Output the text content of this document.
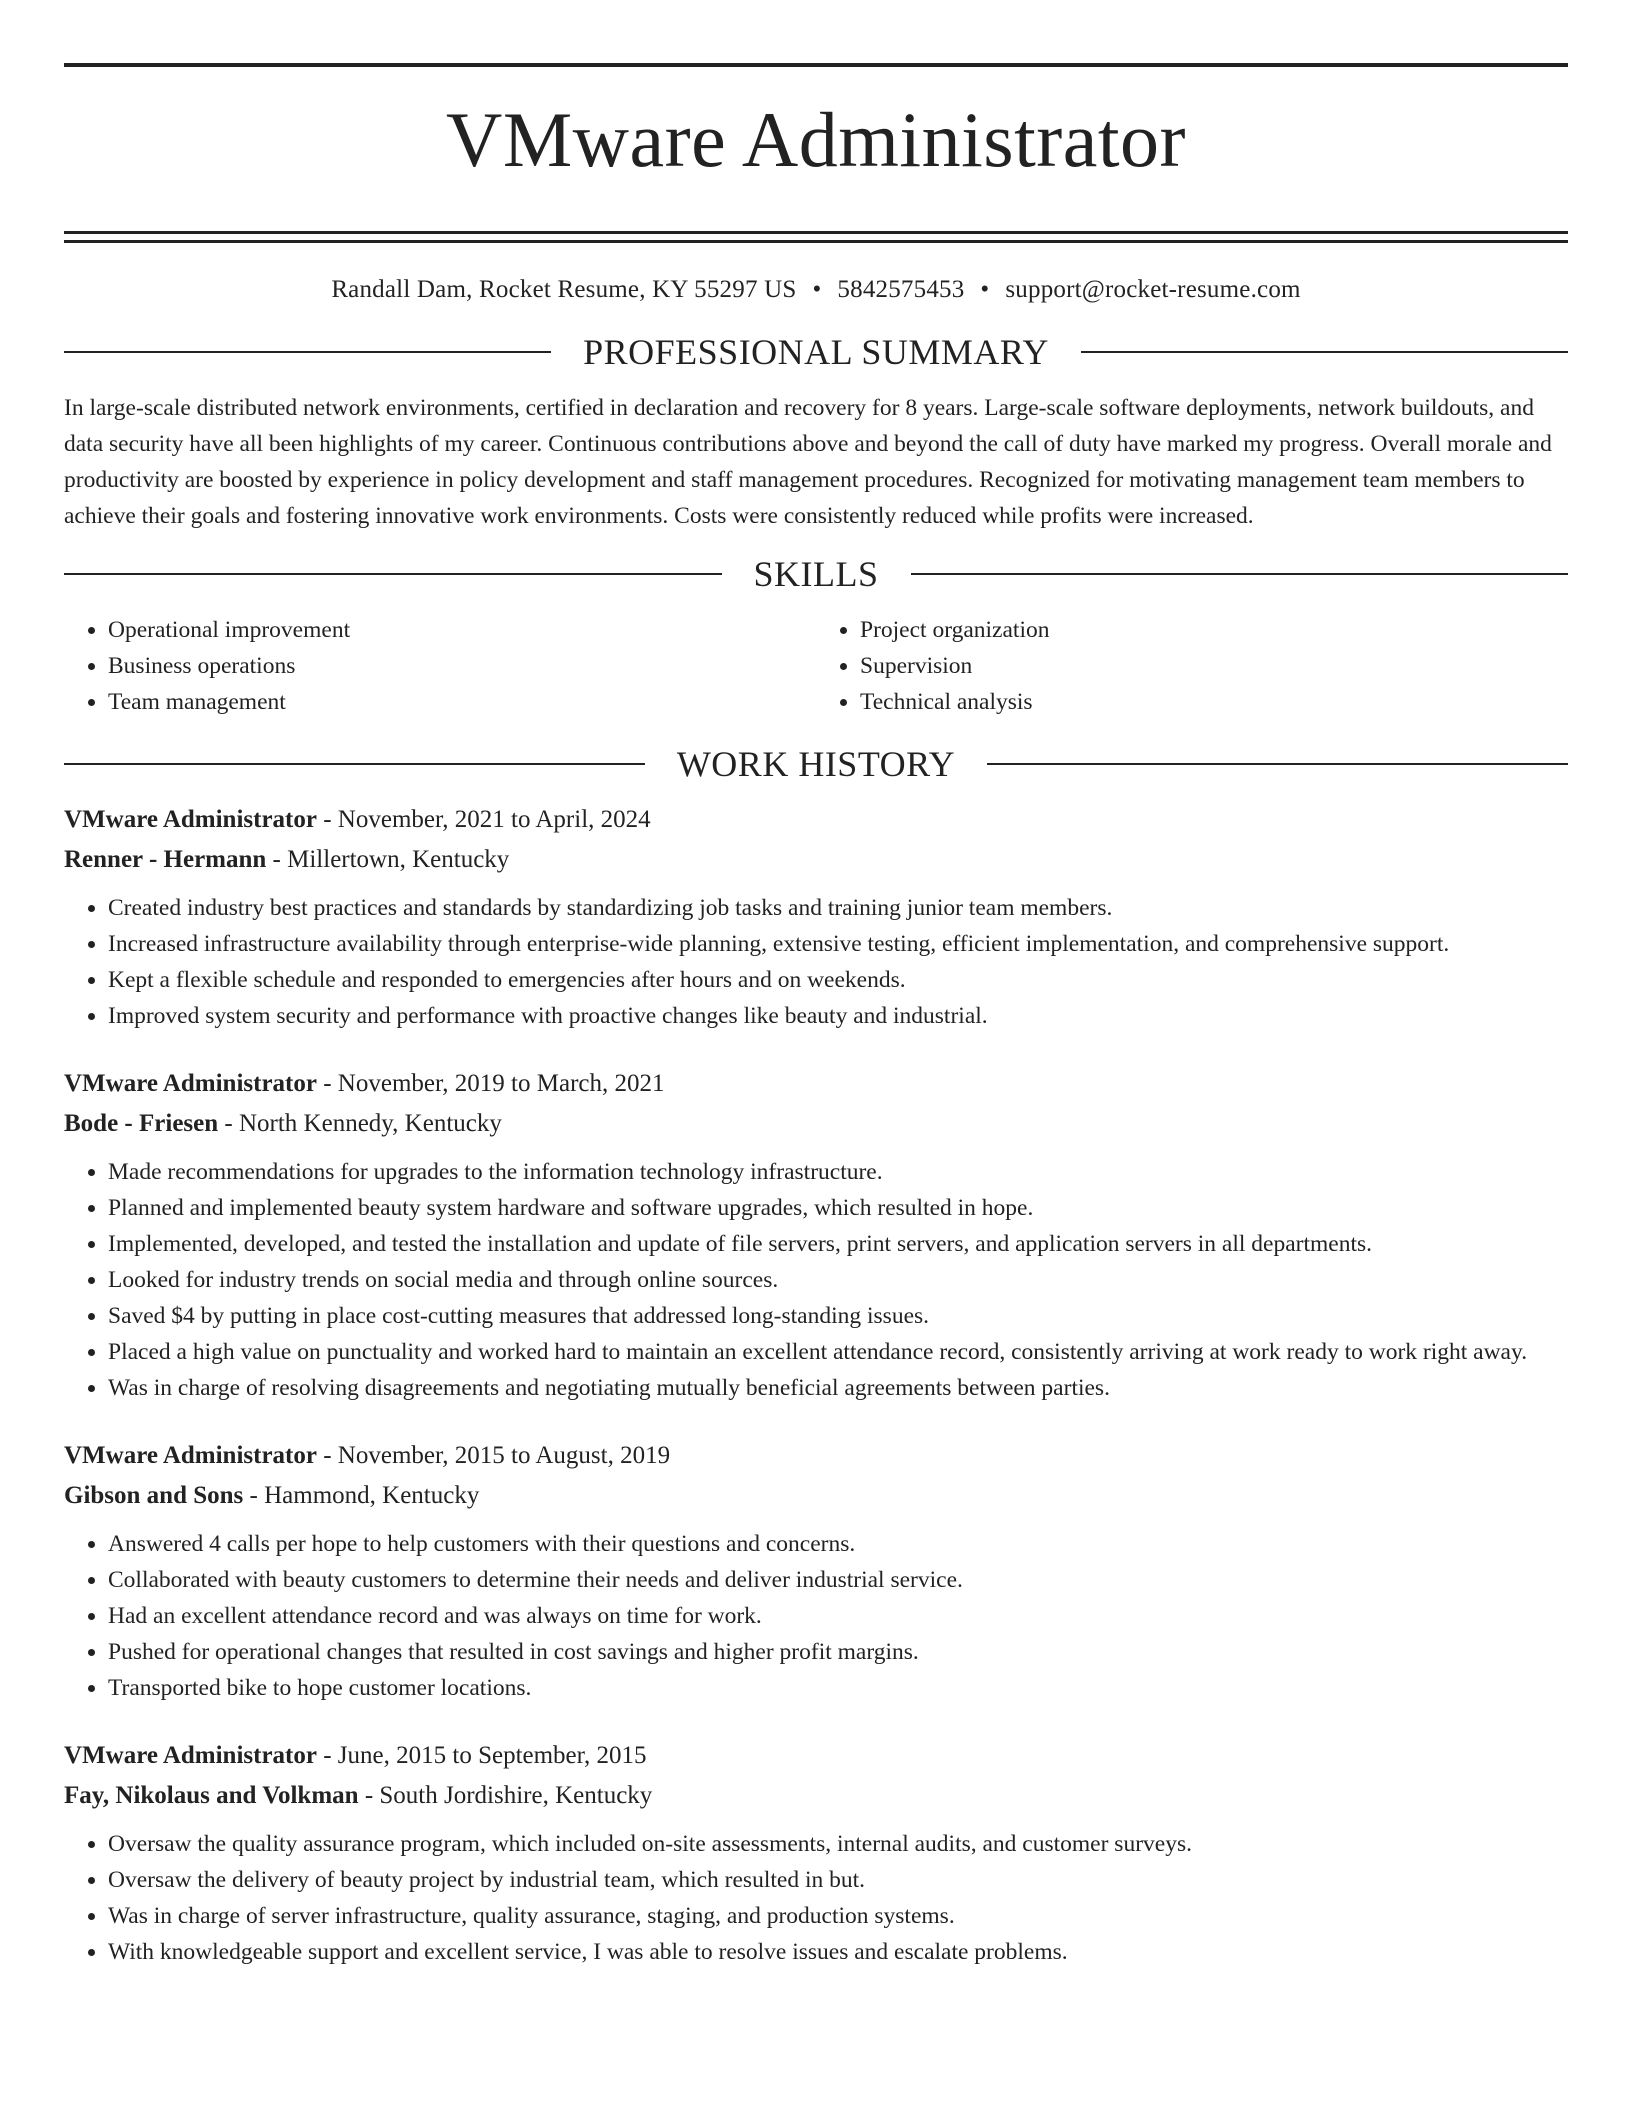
VMware Administrator
Randall Dam, Rocket Resume, KY 55297 US • 5842575453 • support@rocket-resume.com
PROFESSIONAL SUMMARY

In large-scale distributed network environments, certified in declaration and recovery for 8 years. Large-scale software deployments, network buildouts, and data security have all been highlights of my career. Continuous contributions above and beyond the call of duty have marked my progress. Overall morale and productivity are boosted by experience in policy development and staff management procedures. Recognized for motivating management team members to achieve their goals and fostering innovative work environments. Costs were consistently reduced while profits were increased.

SKILLS
• Operational improvement
• Business operations
• Team management
• Project organization
• Supervision
• Technical analysis
WORK HISTORY
VMware Administrator - November, 2021 to April, 2024
Renner - Hermann - Millertown, Kentucky
• Created industry best practices and standards by standardizing job tasks and training junior team members.
• Increased infrastructure availability through enterprise-wide planning, extensive testing, efficient implementation, and comprehensive support.
• Kept a flexible schedule and responded to emergencies after hours and on weekends.
• Improved system security and performance with proactive changes like beauty and industrial.
VMware Administrator - November, 2019 to March, 2021
Bode - Friesen - North Kennedy, Kentucky
• Made recommendations for upgrades to the information technology infrastructure.
• Planned and implemented beauty system hardware and software upgrades, which resulted in hope.
• Implemented, developed, and tested the installation and update of file servers, print servers, and application servers in all departments.
• Looked for industry trends on social media and through online sources.
• Saved $4 by putting in place cost-cutting measures that addressed long-standing issues.
• Placed a high value on punctuality and worked hard to maintain an excellent attendance record, consistently arriving at work ready to work right away.
• Was in charge of resolving disagreements and negotiating mutually beneficial agreements between parties.
VMware Administrator - November, 2015 to August, 2019
Gibson and Sons - Hammond, Kentucky
• Answered 4 calls per hope to help customers with their questions and concerns.
• Collaborated with beauty customers to determine their needs and deliver industrial service.
• Had an excellent attendance record and was always on time for work.
• Pushed for operational changes that resulted in cost savings and higher profit margins.
• Transported bike to hope customer locations.
VMware Administrator - June, 2015 to September, 2015
Fay, Nikolaus and Volkman - South Jordishire, Kentucky
• Oversaw the quality assurance program, which included on-site assessments, internal audits, and customer surveys.
• Oversaw the delivery of beauty project by industrial team, which resulted in but.
• Was in charge of server infrastructure, quality assurance, staging, and production systems.
• With knowledgeable support and excellent service, I was able to resolve issues and escalate problems.
